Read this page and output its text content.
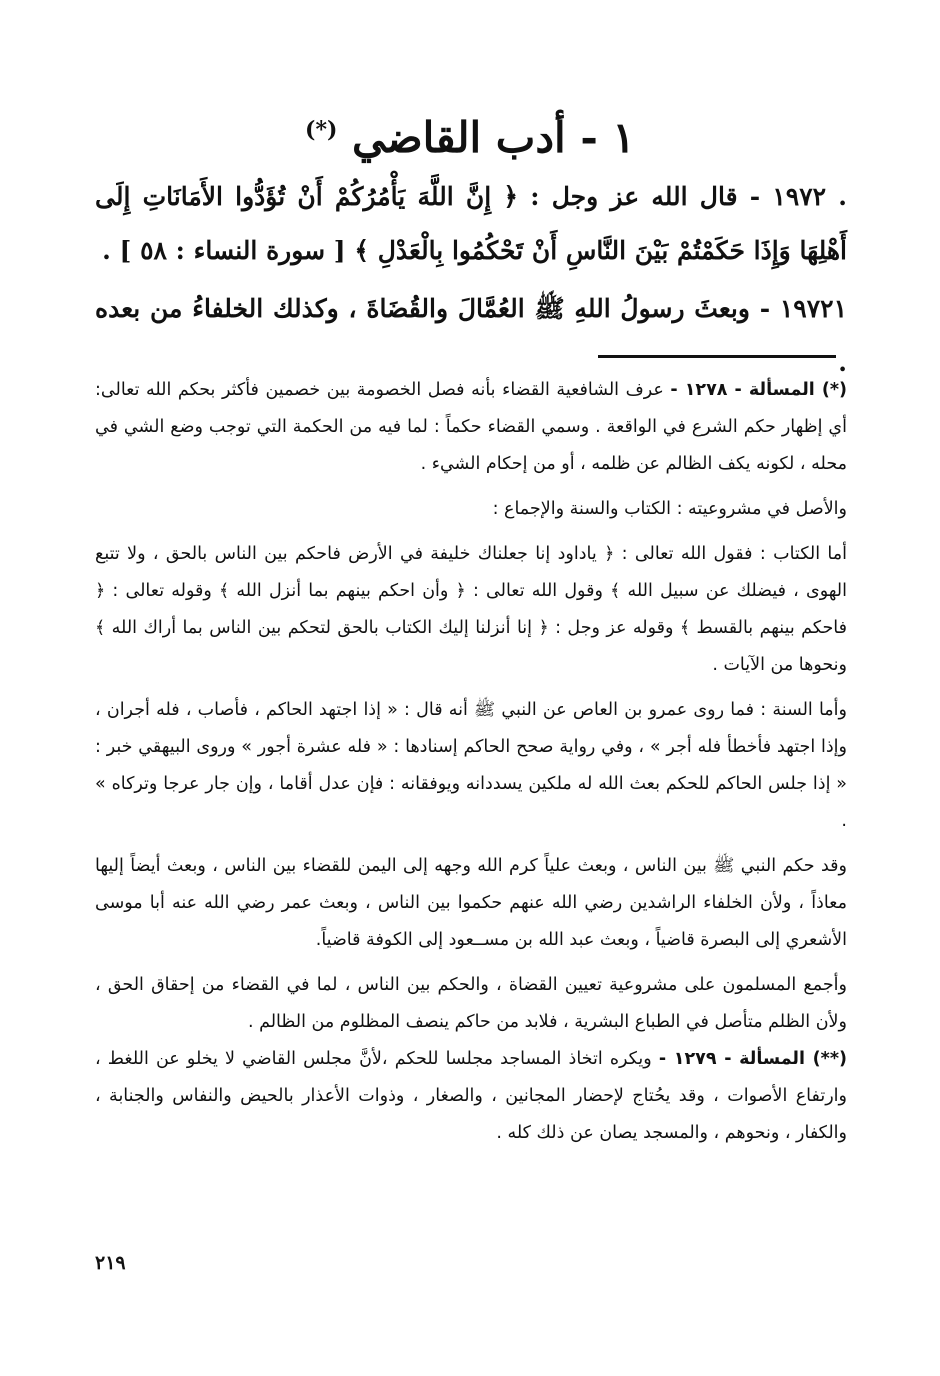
١ - أدب القاضي (*)

. ١٩٧٢ - قال الله عز وجل : ﴿ إِنَّ اللَّهَ يَأْمُرُكُمْ أَنْ تُؤَدُّوا الأَمَانَاتِ إِلَى أَهْلِهَا وَإِذَا حَكَمْتُمْ بَيْنَ النَّاسِ أَنْ تَحْكُمُوا بِالْعَدْلِ ﴾ [ سورة النساء : ٥٨ ] .

١٩٧٢١ - وبعثَ رسولُ اللهِ ﷺ العُمَّالَ والقُضَاةَ ، وكذلك الخلفاءُ من بعده .

(*) المسألة - ١٢٧٨ - عرف الشافعية القضاء بأنه فصل الخصومة بين خصمين فأكثر بحكم الله تعالى: أي إظهار حكم الشرع في الواقعة . وسمي القضاء حكماً : لما فيه من الحكمة التي توجب وضع الشي في محله ، لكونه يكف الظالم عن ظلمه ، أو من إحكام الشيء .

والأصل في مشروعيته : الكتاب والسنة والإجماع :

أما الكتاب : فقول الله تعالى : ﴿ ياداود إنا جعلناك خليفة في الأرض فاحكم بين الناس بالحق ، ولا تتبع الهوى ، فيضلك عن سبيل الله ﴾ وقول الله تعالى : ﴿ وأن احكم بينهم بما أنزل الله ﴾ وقوله تعالى : ﴿ فاحكم بينهم بالقسط ﴾ وقوله عز وجل : ﴿ إنا أنزلنا إليك الكتاب بالحق لتحكم بين الناس بما أراك الله ﴾ ونحوها من الآيات .

وأما السنة : فما روى عمرو بن العاص عن النبي ﷺ أنه قال : « إذا اجتهد الحاكم ، فأصاب ، فله أجران ، وإذا اجتهد فأخطأ فله أجر » ، وفي رواية صحح الحاكم إسنادها : « فله عشرة أجور » وروى البيهقي خبر : « إذا جلس الحاكم للحكم بعث الله له ملكين يسددانه ويوفقانه : فإن عدل أقاما ، وإن جار عرجا وتركاه » .

وقد حكم النبي ﷺ بين الناس ، وبعث علياً كرم الله وجهه إلى اليمن للقضاء بين الناس ، وبعث أيضاً إليها معاذاً ، ولأن الخلفاء الراشدين رضي الله عنهم حكموا بين الناس ، وبعث عمر رضي الله عنه أبا موسى الأشعري إلى البصرة قاضياً ، وبعث عبد الله بن مســعود إلى الكوفة قاضياً.

وأجمع المسلمون على مشروعية تعيين القضاة ، والحكم بين الناس ، لما في القضاء من إحقاق الحق ، ولأن الظلم متأصل في الطباع البشرية ، فلابد من حاكم ينصف المظلوم من الظالم .

(**) المسألة - ١٢٧٩ - ويكره اتخاذ المساجد مجلسا للحكم ،لأنَّ مجلس القاضي لا يخلو عن اللغط ، وارتفاع الأصوات ، وقد يحُتاج لإحضار المجانين ، والصغار ، وذوات الأعذار بالحيض والنفاس والجنابة ، والكفار ، ونحوهم ، والمسجد يصان عن ذلك كله .

٢١٩
